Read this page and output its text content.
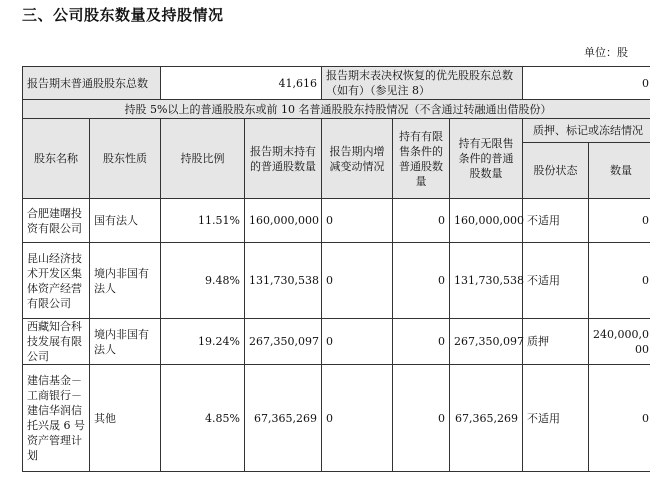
三、公司股东数量及持股情况
单位：股
报告期末普通股股东总数		41,616		报告期末表决权恢复的优先股股东总数（如有）（参见注 8）			0	
持股 5%以上的普通股股东或前 10 名普通股股东持股情况（不含通过转融通出借股份）								
股东名称	股东性质	持股比例	报告期末持有的普通股数量	报告期内增减变动情况	持有有限售条件的普通股数量	持有无限售条件的普通股数量	质押、标记或冻结情况	
							股份状态	数量
合肥建曙投资有限公司	国有法人	11.51%	160,000,000	0	0	160,000,000	不适用	0
昆山经济技术开发区集体资产经营有限公司	境内非国有法人	9.48%	131,730,538	0	0	131,730,538	不适用	0
西藏知合科技发展有限公司	境内非国有法人	19.24%	267,350,097	0	0	267,350,097	质押	240,000,000
建信基金－工商银行－建信华润信托兴晟 6 号资产管理计划	其他	4.85%	67,365,269	0	0	67,365,269	不适用	0
